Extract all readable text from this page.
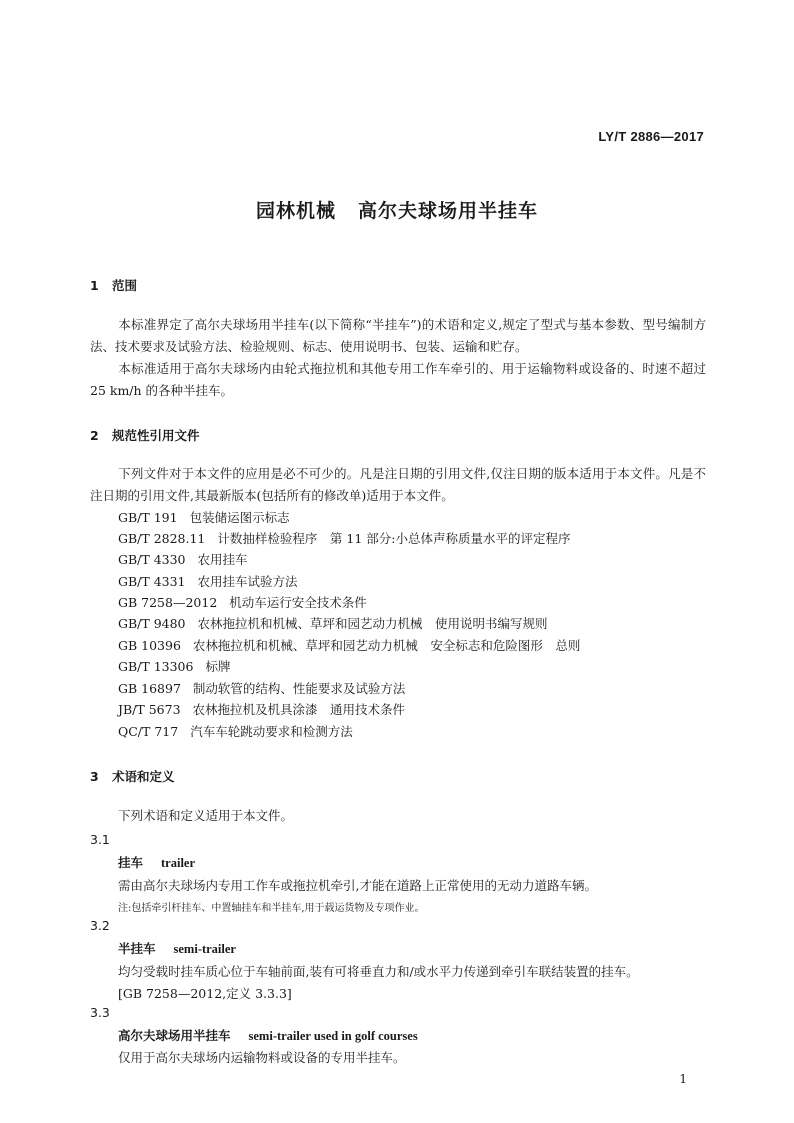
LY/T 2886—2017
园林机械 高尔夫球场用半挂车
1 范围
本标准界定了高尔夫球场用半挂车(以下简称“半挂车”)的术语和定义,规定了型式与基本参数、型号编制方法、技术要求及试验方法、检验规则、标志、使用说明书、包装、运输和贮存。
本标准适用于高尔夫球场内由轮式拖拉机和其他专用工作车牵引的、用于运输物料或设备的、时速不超过 25 km/h 的各种半挂车。
2 规范性引用文件
下列文件对于本文件的应用是必不可少的。凡是注日期的引用文件,仅注日期的版本适用于本文件。凡是不注日期的引用文件,其最新版本(包括所有的修改单)适用于本文件。
GB/T 191 包装储运图示标志
GB/T 2828.11 计数抽样检验程序　第 11 部分:小总体声称质量水平的评定程序
GB/T 4330 农用挂车
GB/T 4331 农用挂车试验方法
GB 7258—2012 机动车运行安全技术条件
GB/T 9480 农林拖拉机和机械、草坪和园艺动力机械　使用说明书编写规则
GB 10396 农林拖拉机和机械、草坪和园艺动力机械　安全标志和危险图形　总则
GB/T 13306 标牌
GB 16897 制动软管的结构、性能要求及试验方法
JB/T 5673 农林拖拉机及机具涂漆　通用技术条件
QC/T 717 汽车车轮跳动要求和检测方法
3 术语和定义
下列术语和定义适用于本文件。
3.1
挂车 trailer
需由高尔夫球场内专用工作车或拖拉机牵引,才能在道路上正常使用的无动力道路车辆。
注:包括牵引杆挂车、中置轴挂车和半挂车,用于载运货物及专项作业。
3.2
半挂车 semi-trailer
均匀受载时挂车质心位于车轴前面,装有可将垂直力和/或水平力传递到牵引车联结装置的挂车。
[GB 7258—2012,定义 3.3.3]
3.3
高尔夫球场用半挂车 semi-trailer used in golf courses
仅用于高尔夫球场内运输物料或设备的专用半挂车。
1
